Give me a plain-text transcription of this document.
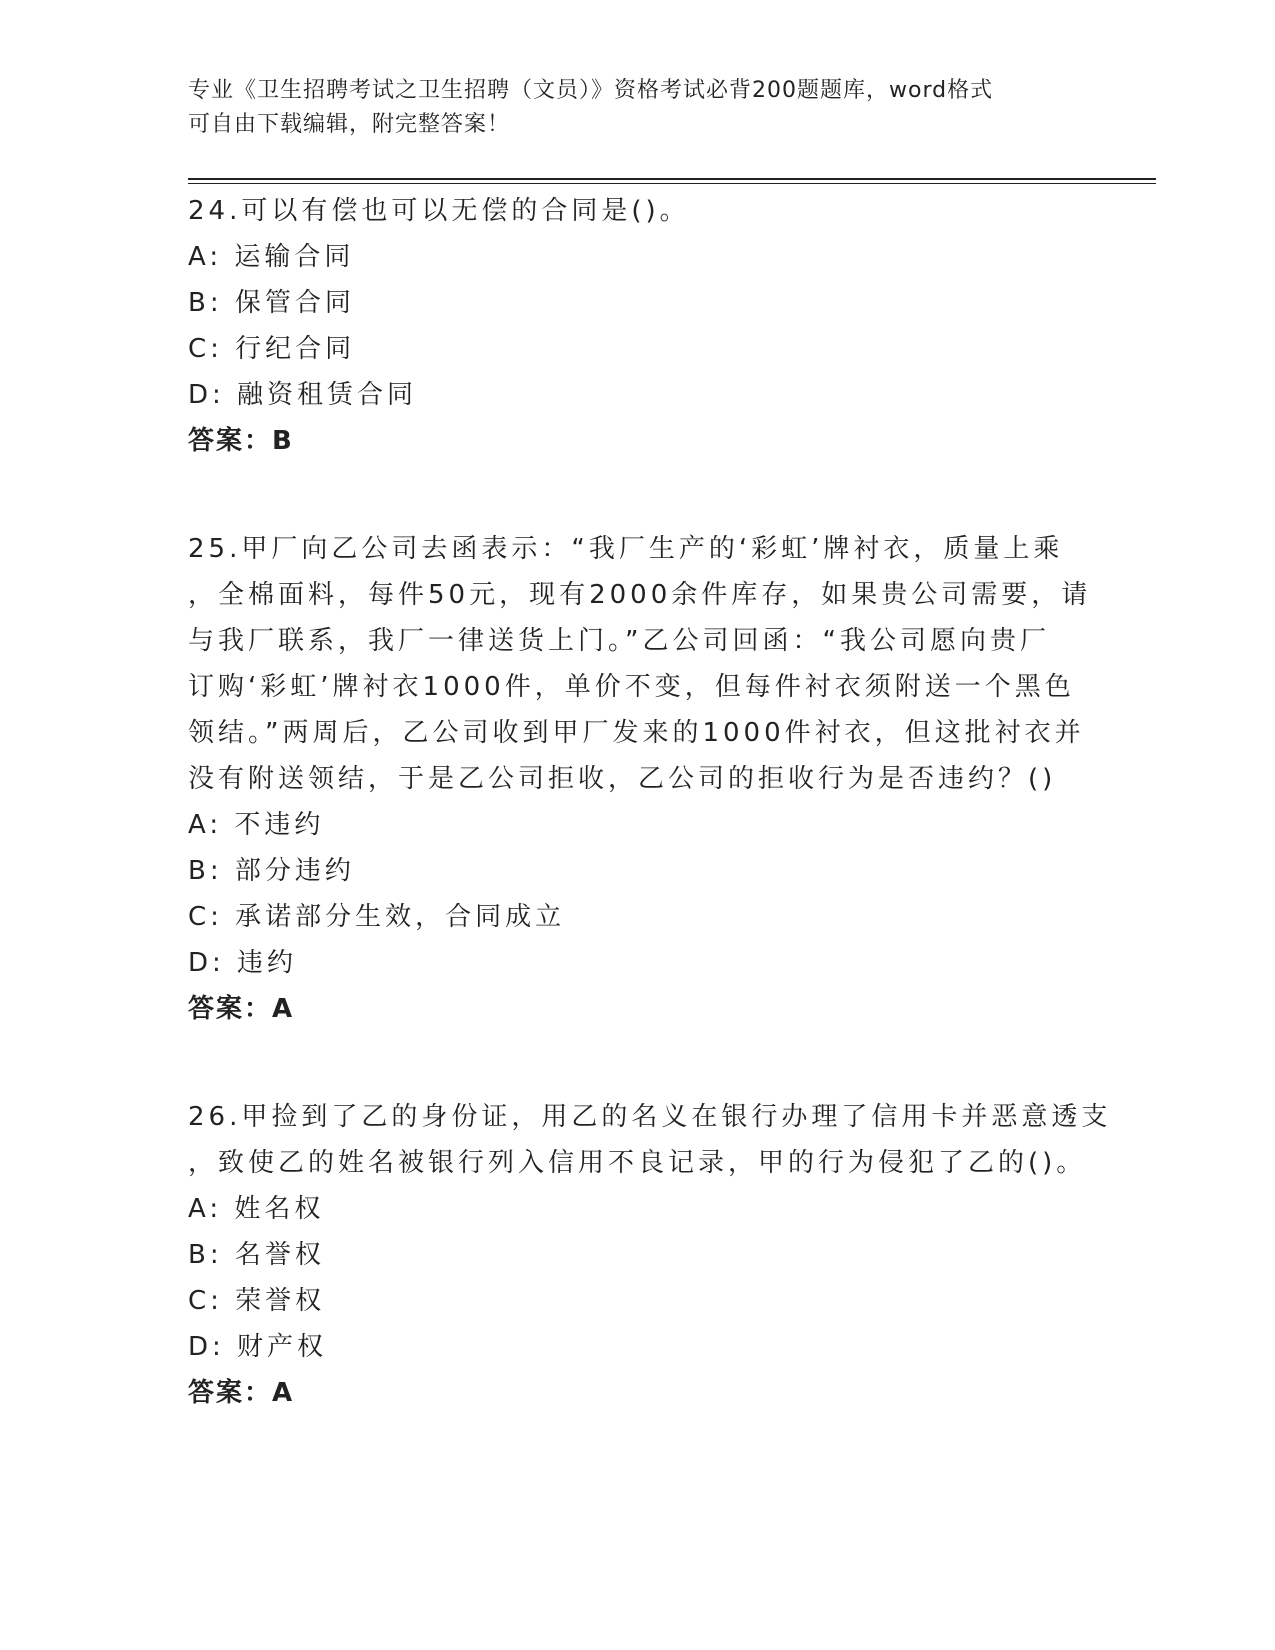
专业《卫生招聘考试之卫生招聘（文员）》资格考试必背200题题库，word格式
可自由下载编辑，附完整答案！
24.可以有偿也可以无偿的合同是()。
A: 运输合同
B: 保管合同
C: 行纪合同
D: 融资租赁合同
答案：B
25.甲厂向乙公司去函表示：“我厂生产的‘彩虹’牌衬衣，质量上乘
，全棉面料，每件50元，现有2000余件库存，如果贵公司需要，请
与我厂联系，我厂一律送货上门。”乙公司回函：“我公司愿向贵厂
订购‘彩虹’牌衬衣1000件，单价不变，但每件衬衣须附送一个黑色
领结。”两周后，乙公司收到甲厂发来的1000件衬衣，但这批衬衣并
没有附送领结，于是乙公司拒收，乙公司的拒收行为是否违约？()
A: 不违约
B: 部分违约
C: 承诺部分生效，合同成立
D: 违约
答案：A
26.甲捡到了乙的身份证，用乙的名义在银行办理了信用卡并恶意透支
，致使乙的姓名被银行列入信用不良记录，甲的行为侵犯了乙的()。
A: 姓名权
B: 名誉权
C: 荣誉权
D: 财产权
答案：A
